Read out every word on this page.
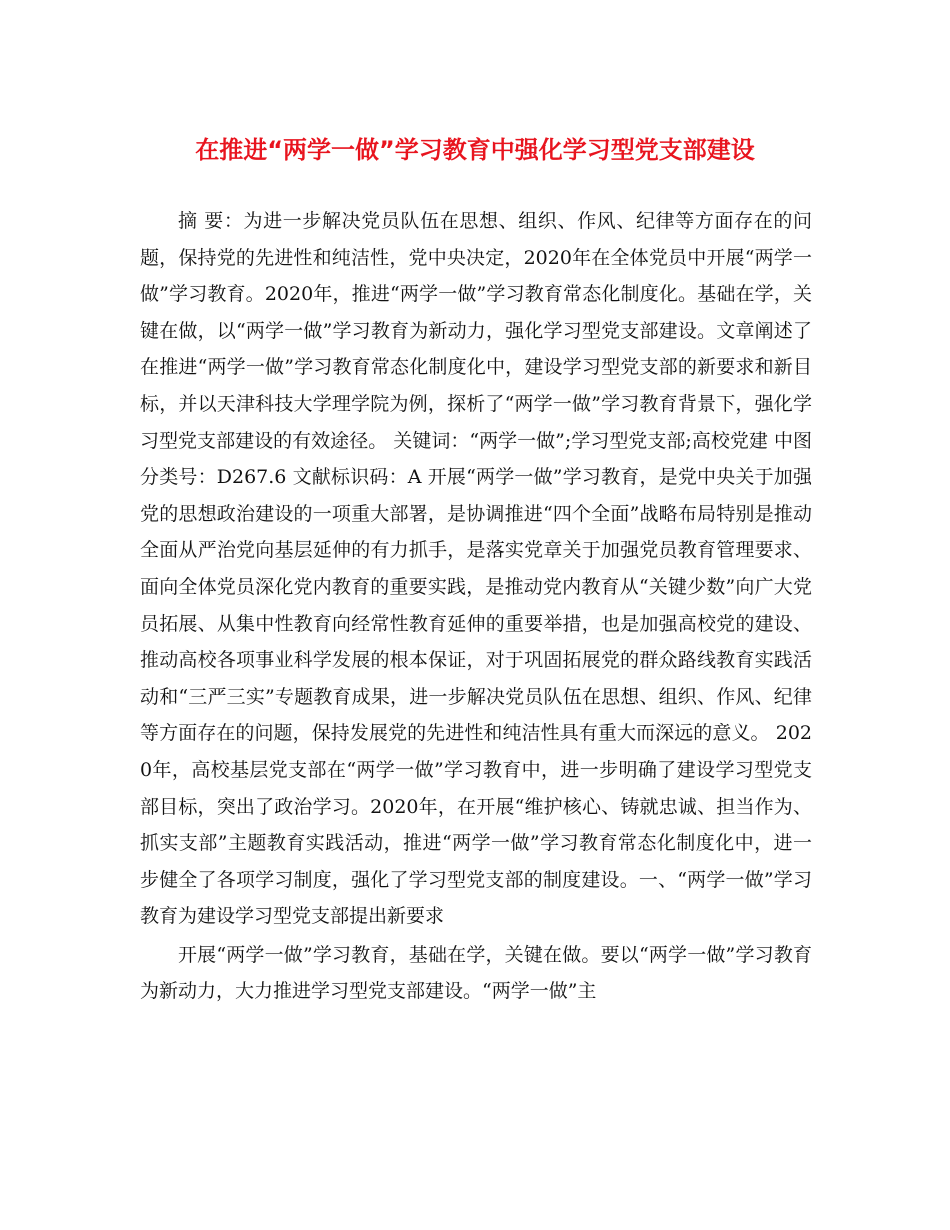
在推进“两学一做”学习教育中强化学习型党支部建设

摘 要：为进一步解决党员队伍在思想、组织、作风、纪律等方面存在的问题，保持党的先进性和纯洁性，党中央决定，2020年在全体党员中开展“两学一做”学习教育。2020年，推进“两学一做”学习教育常态化制度化。基础在学，关键在做，以“两学一做”学习教育为新动力，强化学习型党支部建设。文章阐述了在推进“两学一做”学习教育常态化制度化中，建设学习型党支部的新要求和新目标，并以天津科技大学理学院为例，探析了“两学一做”学习教育背景下，强化学习型党支部建设的有效途径。 关键词：“两学一做”;学习型党支部;高校党建 中图分类号：D267.6 文献标识码：A 开展“两学一做”学习教育，是党中央关于加强党的思想政治建设的一项重大部署，是协调推进“四个全面”战略布局特别是推动全面从严治党向基层延伸的有力抓手，是落实党章关于加强党员教育管理要求、面向全体党员深化党内教育的重要实践，是推动党内教育从“关键少数”向广大党员拓展、从集中性教育向经常性教育延伸的重要举措，也是加强高校党的建设、推动高校各项事业科学发展的根本保证，对于巩固拓展党的群众路线教育实践活动和“三严三实”专题教育成果，进一步解决党员队伍在思想、组织、作风、纪律等方面存在的问题，保持发展党的先进性和纯洁性具有重大而深远的意义。 2020年，高校基层党支部在“两学一做”学习教育中，进一步明确了建设学习型党支部目标，突出了政治学习。2020年，在开展“维护核心、铸就忠诚、担当作为、抓实支部”主题教育实践活动，推进“两学一做”学习教育常态化制度化中，进一步健全了各项学习制度，强化了学习型党支部的制度建设。一、“两学一做”学习教育为建设学习型党支部提出新要求

开展“两学一做”学习教育，基础在学，关键在做。要以“两学一做”学习教育为新动力，大力推进学习型党支部建设。“两学一做”主
